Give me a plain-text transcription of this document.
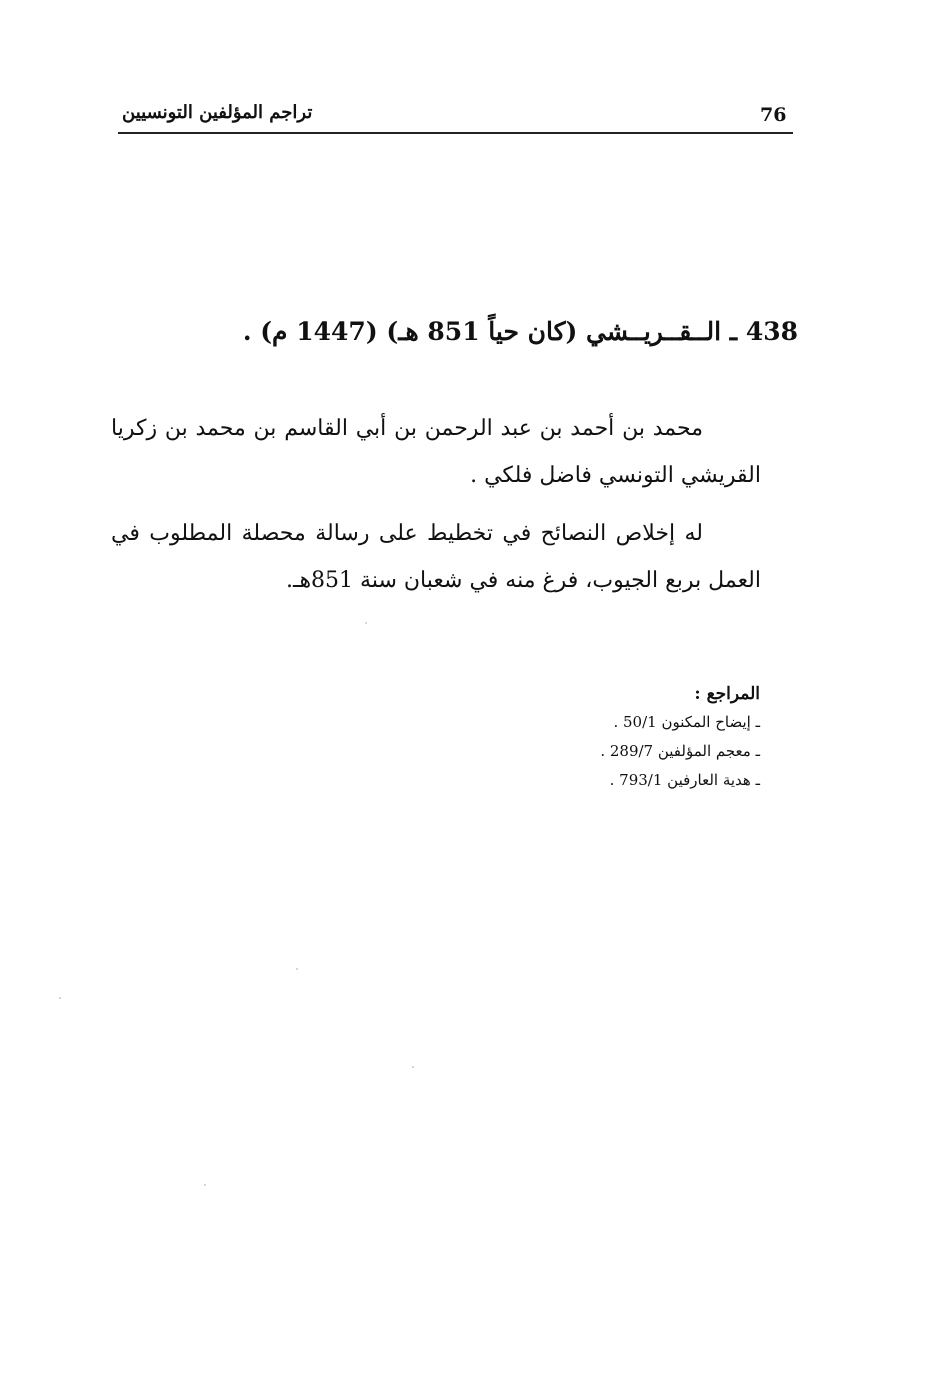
76
تراجم المؤلفين التونسيين
438 ـ الــقــريــشي (كان حياً 851 هـ) (1447 م) .

محمد بن أحمد بن عبد الرحمن بن أبي القاسم بن محمد بن زكريا القريشي التونسي فاضل فلكي .

له إخلاص النصائح في تخطيط على رسالة محصلة المطلوب في العمل بربع الجيوب، فرغ منه في شعبان سنة 851هـ.

المراجع :
ـ إيضاح المكنون 50/1 .
ـ معجم المؤلفين 289/7 .
ـ هدية العارفين 793/1 .
